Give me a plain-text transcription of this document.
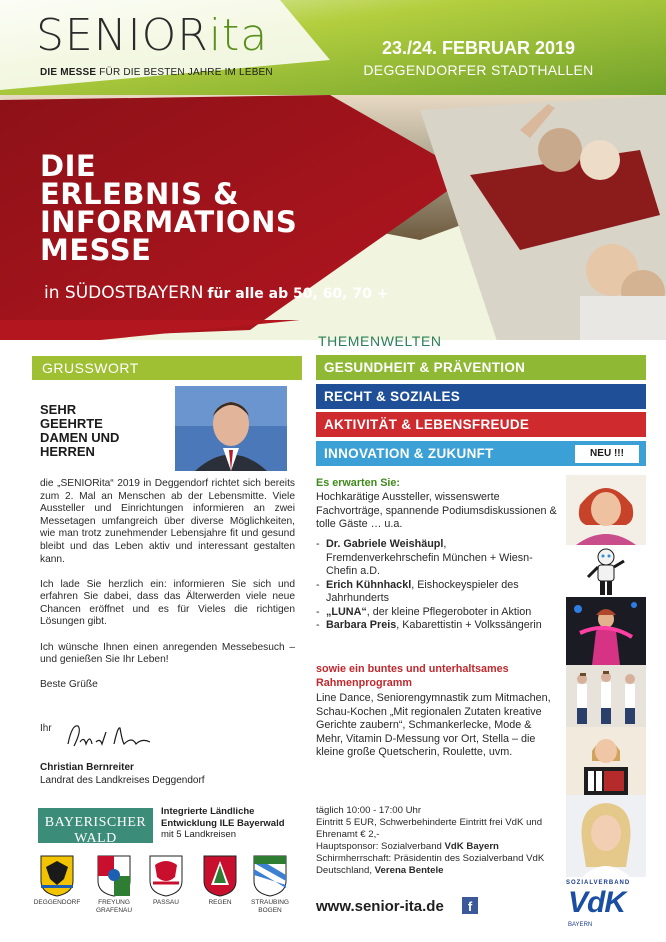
SENIORita
DIE MESSE FÜR DIE BESTEN JAHRE IM LEBEN
23./24. FEBRUAR 2019
DEGGENDORFER STADTHALLEN
DIE
ERLEBNIS &
INFORMATIONS
MESSE
in SÜDOSTBAYERN für alle ab 50, 60, 70 +
GRUSSWORT
SEHR
GEEHRTE
DAMEN UND
HERREN

die „SENIORita“ 2019 in Deggendorf richtet sich bereits zum 2. Mal an Menschen ab der Lebensmitte. Viele Aussteller und Einrichtungen informieren an zwei Messetagen umfangreich über diverse Möglichkeiten, wie man trotz zunehmender Lebensjahre fit und gesund bleibt und das Leben aktiv und interessant gestalten kann.

Ich lade Sie herzlich ein: informieren Sie sich und erfahren Sie dabei, dass das Älterwerden viele neue Chancen eröffnet und es für Vieles die richtigen Lösungen gibt.

Ich wünsche Ihnen einen anregenden Messebesuch – und genießen Sie Ihr Leben!

Beste Grüße

Ihr
Christian Bernreiter
Landrat des Landkreises Deggendorf
BAYERISCHER WALD
DIE HEIMATREGION
Integrierte Ländliche
Entwicklung ILE Bayerwald
mit 5 Landkreisen
DEGGENDORF	FREYUNG GRAFENAU
PASSAU	REGEN	STRAUBING BOGEN
THEMENWELTEN
GESUNDHEIT & PRÄVENTION
RECHT & SOZIALES
AKTIVITÄT & LEBENSFREUDE
INNOVATION & ZUKUNFT	NEU !!!
Es erwarten Sie:
Hochkarätige Aussteller, wissenswerte Fachvorträge, spannende Podiumsdiskussionen & tolle Gäste … u.a.
- Dr. Gabriele Weishäupl, Fremdenverkehrschefin München + Wiesn-Chefin a.D.
- Erich Kühnhackl, Eishockeyspieler des Jahrhunderts
- „LUNA“, der kleine Pflegeroboter in Aktion
- Barbara Preis, Kabarettistin + Volkssängerin
sowie ein buntes und unterhaltsames Rahmenprogramm
Line Dance, Seniorengymnastik zum Mitmachen, Schau-Kochen „Mit regionalen Zutaten kreative Gerichte zaubern“, Schmankerlecke, Mode & Mehr, Vitamin D-Messung vor Ort, Stella – die kleine große Quetscherin, Roulette, uvm.
täglich 10:00 - 17:00 Uhr
Eintritt 5 EUR, Schwerbehinderte Eintritt frei VdK und Ehrenamt € 2,-
Hauptsponsor: Sozialverband VdK Bayern
Schirmherrschaft: Präsidentin des Sozialverband VdK Deutschland, Verena Bentele
www.senior-ita.de	f
SOZIALVERBAND
VdK
BAYERN
